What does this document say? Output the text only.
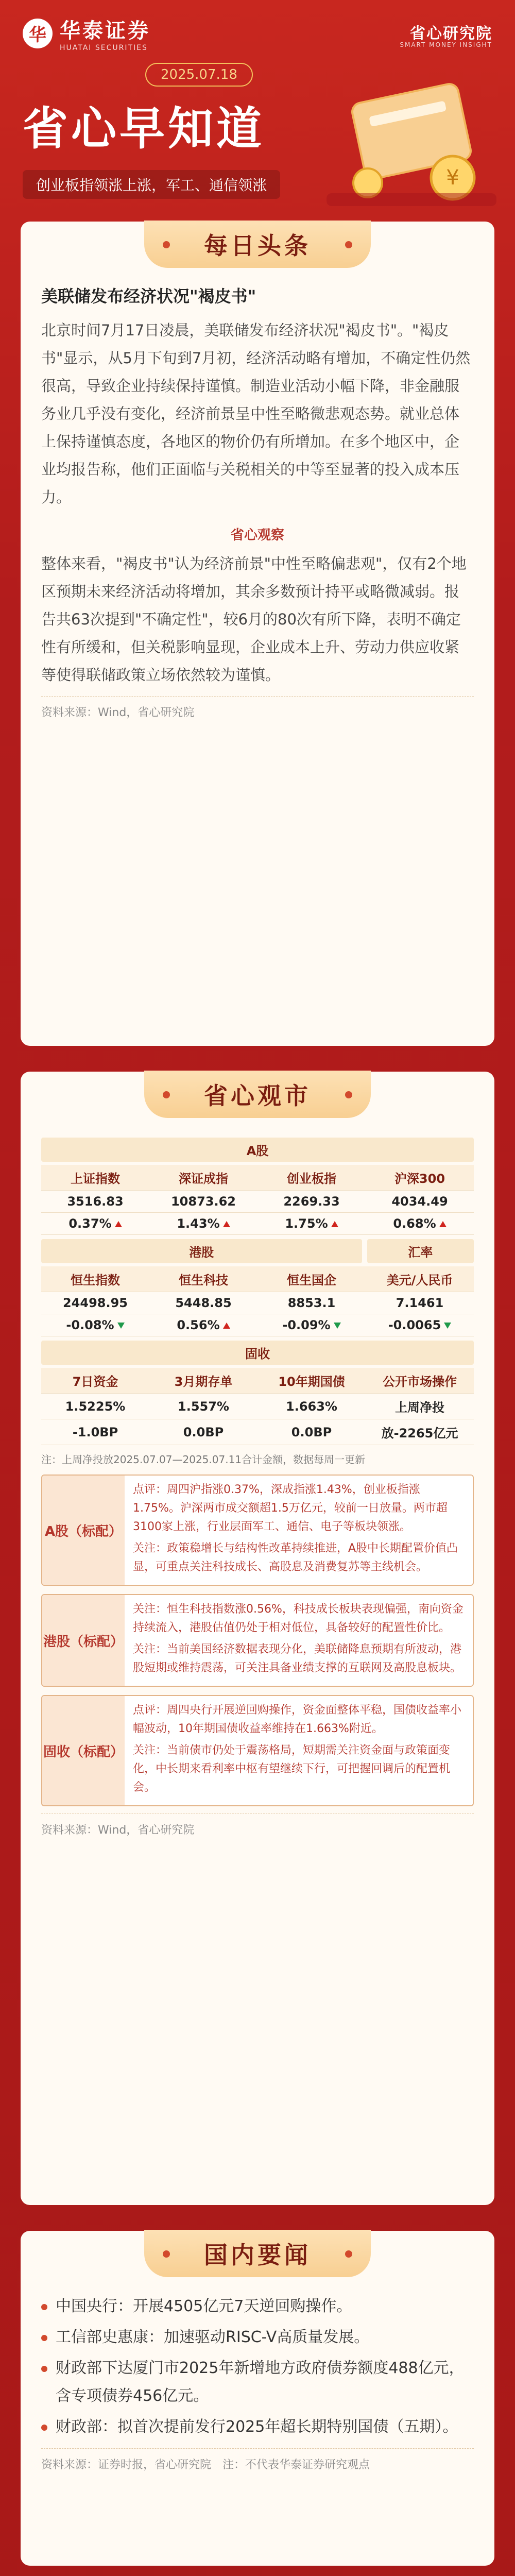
华 华泰证券
HUATAI SECURITIES
省心研究院
SMART MONEY INSIGHT
2025.07.18
省心早知道
创业板指领涨上涨，军工、通信领涨	¥
每日头条
美联储发布经济状况"褐皮书"
北京时间7月17日凌晨，美联储发布经济状况"褐皮书"。"褐皮书"显示，从5月下旬到7月初，经济活动略有增加，不确定性仍然很高，导致企业持续保持谨慎。制造业活动小幅下降，非金融服务业几乎没有变化，经济前景呈中性至略微悲观态势。就业总体上保持谨慎态度，各地区的物价仍有所增加。在多个地区中，企业均报告称，他们正面临与关税相关的中等至显著的投入成本压力。
省心观察
整体来看，"褐皮书"认为经济前景"中性至略偏悲观"，仅有2个地区预期未来经济活动将增加，其余多数预计持平或略微减弱。报告共63次提到"不确定性"，较6月的80次有所下降，表明不确定性有所缓和，但关税影响显现，企业成本上升、劳动力供应收紧等使得联储政策立场依然较为谨慎。
资料来源：Wind，省心研究院
省心观市
A股
上证指数	深证成指	创业板指	沪深300
3516.83	10873.62	2269.33	4034.49
0.37%	1.43%	1.75%	0.68%
港股	汇率
恒生指数	恒生科技	恒生国企	美元/人民币
24498.95	5448.85	8853.1	7.1461
-0.08%	0.56%	-0.09%	-0.0065
固收
7日资金	3月期存单	10年期国债	公开市场操作
1.5225%	1.557%	1.663%	上周净投
-1.0BP	0.0BP	0.0BP	放-2265亿元
注：上周净投放2025.07.07—2025.07.11合计金额，数据每周一更新
A股（标配）

点评：周四沪指涨0.37%，深成指涨1.43%，创业板指涨1.75%。沪深两市成交额超1.5万亿元，较前一日放量。两市超3100家上涨，行业层面军工、通信、电子等板块领涨。

关注：政策稳增长与结构性改革持续推进，A股中长期配置价值凸显，可重点关注科技成长、高股息及消费复苏等主线机会。

港股（标配）

关注：恒生科技指数涨0.56%，科技成长板块表现偏强，南向资金持续流入，港股估值仍处于相对低位，具备较好的配置性价比。

关注：当前美国经济数据表现分化，美联储降息预期有所波动，港股短期或维持震荡，可关注具备业绩支撑的互联网及高股息板块。

固收（标配）

点评：周四央行开展逆回购操作，资金面整体平稳，国债收益率小幅波动，10年期国债收益率维持在1.663%附近。

关注：当前债市仍处于震荡格局，短期需关注资金面与政策面变化，中长期来看利率中枢有望继续下行，可把握回调后的配置机会。

资料来源：Wind，省心研究院
国内要闻
中国央行：开展4505亿元7天逆回购操作。
工信部史惠康：加速驱动RISC-V高质量发展。
财政部下达厦门市2025年新增地方政府债券额度488亿元，含专项债券456亿元。
财政部：拟首次提前发行2025年超长期特别国债（五期）。
资料来源：证券时报，省心研究院　注：不代表华泰证券研究观点
